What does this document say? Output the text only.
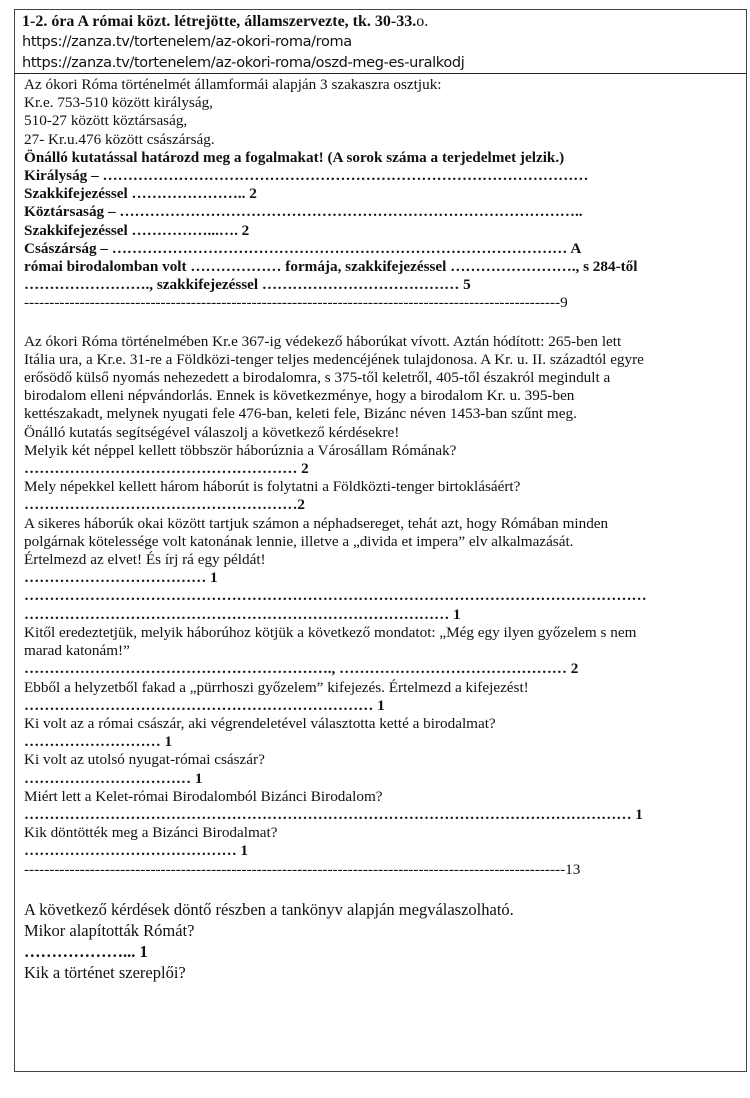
1-2. óra A római közt. létrejötte, államszervezte, tk. 30-33.o.
https://zanza.tv/tortenelem/az-okori-roma/roma
https://zanza.tv/tortenelem/az-okori-roma/oszd-meg-es-uralkodj
Az ókori Róma történelmét államformái alapján 3 szakaszra osztjuk:
Kr.e. 753-510 között királyság,
510-27 között köztársaság,
27- Kr.u.476 között császárság.
Önálló kutatással határozd meg a fogalmakat! (A sorok száma a terjedelmet jelzik.)
Királyság – ……………………………………………………………………………………
Szakkifejezéssel ………………….. 2
Köztársaság – ………………………………………………………………………………..
Szakkifejezéssel ……………...…. 2
Császárság – ……………………………………………………………………………… A
római birodalomban volt ……………… formája, szakkifejezéssel ……………………., s 284-től
……………………., szakkifejezéssel ………………………………… 5
----------------------------------------------------------------------------------------------------------9
Az ókori Róma történelmében Kr.e 367-ig védekező háborúkat vívott. Aztán hódított: 265-ben lett
Itália ura, a Kr.e. 31-re a Földközi-tenger teljes medencéjének tulajdonosa. A Kr. u. II. századtól egyre
erősödő külső nyomás nehezedett a birodalomra, s 375-től keletről, 405-től északról megindult a
birodalom elleni népvándorlás. Ennek is következménye, hogy a birodalom Kr. u. 395-ben
kettészakadt, melynek nyugati fele 476-ban, keleti fele, Bizánc néven 1453-ban szűnt meg.
Önálló kutatás segítségével válaszolj a következő kérdésekre!
Melyik két néppel kellett többször háborúznia a Városállam Rómának?
……………………………………………… 2
Mely népekkel kellett három háborút is folytatni a Földközti-tenger birtoklásáért?
………………………………………………2
A sikeres háborúk okai között tartjuk számon a néphadsereget, tehát azt, hogy Rómában minden
polgárnak kötelessége volt katonának lennie, illetve a „divida et impera” elv alkalmazását.
Értelmezd az elvet! És írj rá egy példát!
……………………………… 1
……………………………………………………………………………………………………………
………………………………………………………………………… 1
Kitől eredeztetjük, melyik háborúhoz kötjük a következő mondatot: „Még egy ilyen győzelem s nem
marad katonám!”
……………………………………………………., ……………………………………… 2
Ebből a helyzetből fakad a „pürrhoszi győzelem” kifejezés. Értelmezd a kifejezést!
…………………………………………………………… 1
Ki volt az a római császár, aki végrendeletével választotta ketté a birodalmat?
……………………… 1
Ki volt az utolsó nyugat-római császár?
…………………………… 1
Miért lett a Kelet-római Birodalomból Bizánci Birodalom?
………………………………………………………………………………………………………… 1
Kik döntötték meg a Bizánci Birodalmat?
…………………………………… 1
-----------------------------------------------------------------------------------------------------------13
A következő kérdések döntő részben a tankönyv alapján megválaszolható.
Mikor alapították Rómát?
………………... 1
Kik a történet szereplői?
